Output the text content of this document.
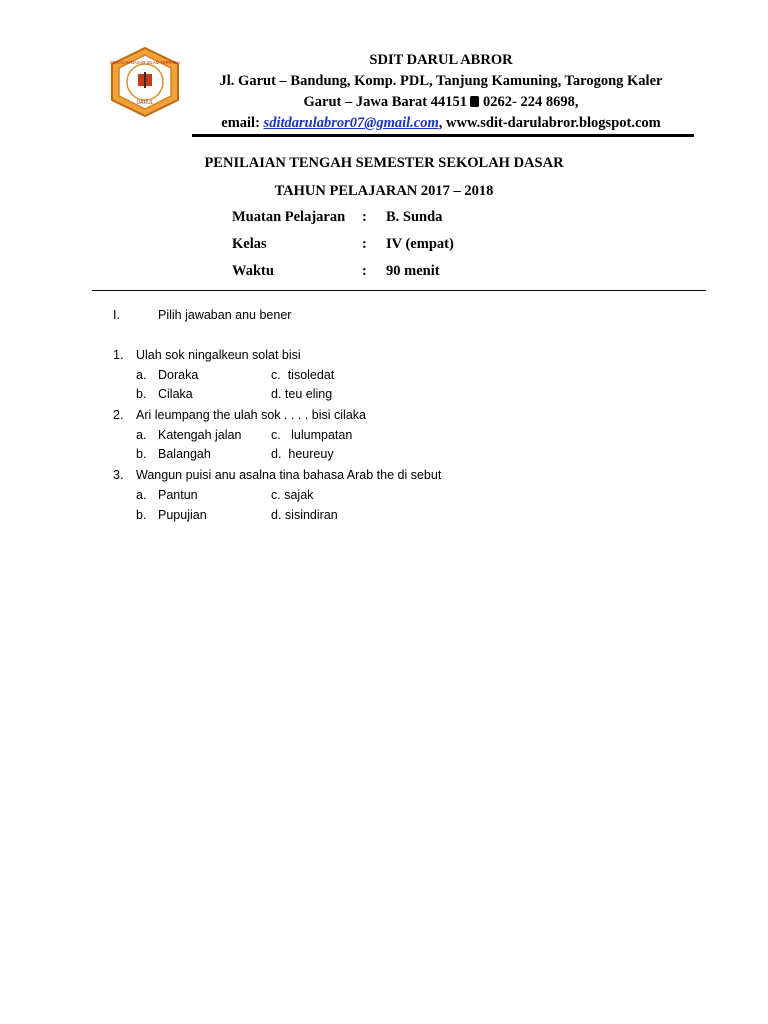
SEKOLAH DASAR ISLAM TERPADU
DARUL
SDIT DARUL ABROR
Jl. Garut – Bandung, Komp. PDL, Tanjung Kamuning, Tarogong Kaler
Garut – Jawa Barat 44151 0262- 224 8698,
email: sditdarulabror07@gmail.com, www.sdit-darulabror.blogspot.com
PENILAIAN TENGAH SEMESTER SEKOLAH DASAR
TAHUN PELAJARAN 2017 – 2018
Muatan Pelajaran : B. Sunda
Kelas	: IV (empat)
Waktu	: 90 menit
I.	Pilih jawaban anu bener
1. Ulah sok ningalkeun solat bisi
a. Doraka	c. tisoledat
b. Cilaka	d. teu eling
2. Ari leumpang the ulah sok . . . . bisi cilaka
a. Katengah jalan c. lulumpatan
b. Balangah	d. heureuy
3. Wangun puisi anu asalna tina bahasa Arab the di sebut
a. Pantun	c. sajak
b. Pupujian	d. sisindiran
